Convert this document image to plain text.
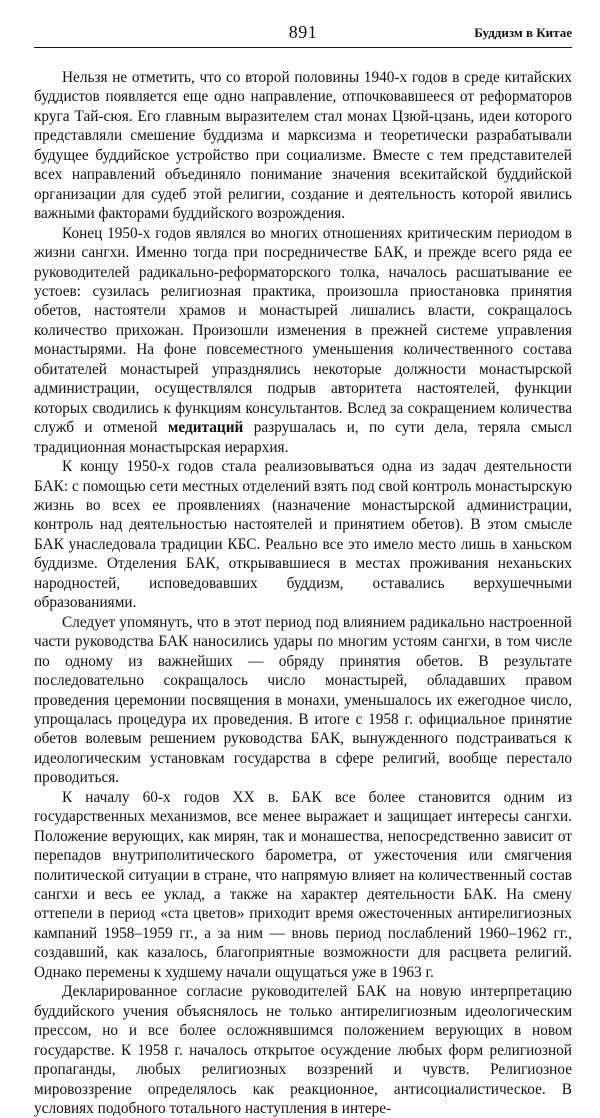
891	Буддизм в Китае

Нельзя не отметить, что со второй половины 1940-х годов в среде китайских буддистов появляется еще одно направление, отпочковавшееся от реформаторов круга Тай-сюя. Его главным выразителем стал монах Цзюй-цзань, идеи которого представляли смешение буддизма и марксизма и теоретически разрабатывали будущее буддийское устройство при социализме. Вместе с тем представителей всех направлений объединяло понимание значения всекитайской буддийской организации для судеб этой религии, создание и деятельность которой явились важными факторами буддийского возрождения.

Конец 1950-х годов являлся во многих отношениях критическим периодом в жизни сангхи. Именно тогда при посредничестве БАК, и прежде всего ряда ее руководителей радикально-реформаторского толка, началось расшатывание ее устоев: сузилась религиозная практика, произошла приостановка принятия обетов, настоятели храмов и монастырей лишались власти, сокращалось количество прихожан. Произошли изменения в прежней системе управления монастырями. На фоне повсеместного уменьшения количественного состава обитателей монастырей упразднялись некоторые должности монастырской администрации, осуществлялся подрыв авторитета настоятелей, функции которых сводились к функциям консультантов. Вслед за сокращением количества служб и отменой медитаций разрушалась и, по сути дела, теряла смысл традиционная монастырская иерархия.

К концу 1950-х годов стала реализовываться одна из задач деятельности БАК: с помощью сети местных отделений взять под свой контроль монастырскую жизнь во всех ее проявлениях (назначение монастырской администрации, контроль над деятельностью настоятелей и принятием обетов). В этом смысле БАК унаследовала традиции КБС. Реально все это имело место лишь в ханьском буддизме. Отделения БАК, открывавшиеся в местах проживания неханьских народностей, исповедовавших буддизм, оставались верхушечными образованиями.

Следует упомянуть, что в этот период под влиянием радикально настроенной части руководства БАК наносились удары по многим устоям сангхи, в том числе по одному из важнейших — обряду принятия обетов. В результате последовательно сокращалось число монастырей, обладавших правом проведения церемонии посвящения в монахи, уменьшалось их ежегодное число, упрощалась процедура их проведения. В итоге с 1958 г. официальное принятие обетов волевым решением руководства БАК, вынужденного подстраиваться к идеологическим установкам государства в сфере религий, вообще перестало проводиться.

К началу 60-х годов XX в. БАК все более становится одним из государственных механизмов, все менее выражает и защищает интересы сангхи. Положение верующих, как мирян, так и монашества, непосредственно зависит от перепадов внутриполитического барометра, от ужесточения или смягчения политической ситуации в стране, что напрямую влияет на количественный состав сангхи и весь ее уклад, а также на характер деятельности БАК. На смену оттепели в период «ста цветов» приходит время ожесточенных антирелигиозных кампаний 1958–1959 гг., а за ним — вновь период послаблений 1960–1962 гг., создавший, как казалось, благоприятные возможности для расцвета религий. Однако перемены к худшему начали ощущаться уже в 1963 г.

Декларированное согласие руководителей БАК на новую интерпретацию буддийского учения объяснялось не только антирелигиозным идеологическим прессом, но и все более осложнявшимся положением верующих в новом государстве. К 1958 г. началось открытое осуждение любых форм религиозной пропаганды, любых религиозных воззрений и чувств. Религиозное мировоззрение определялось как реакционное, антисоциалистическое. В условиях подобного тотального наступления в интере-
